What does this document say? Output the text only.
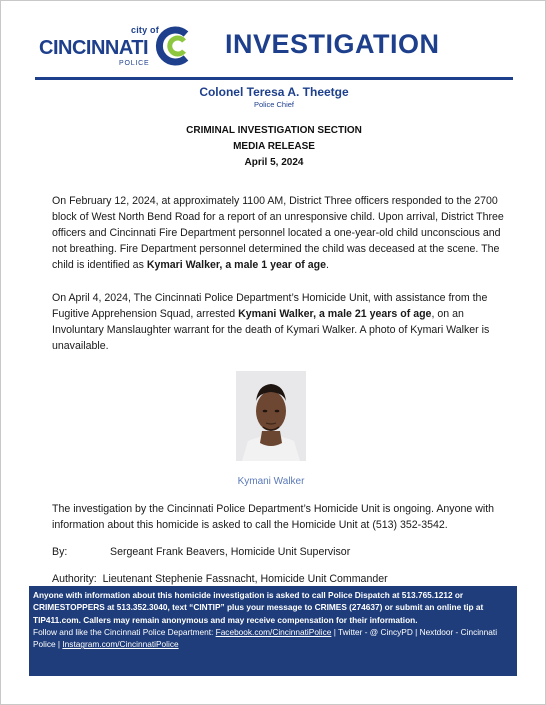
city of
CINCINNATI
POLICE
INVESTIGATION
Colonel Teresa A. Theetge
Police Chief
CRIMINAL INVESTIGATION SECTION
MEDIA RELEASE
April 5, 2024

On February 12, 2024, at approximately 1100 AM, District Three officers responded to the 2700 block of West North Bend Road for a report of an unresponsive child. Upon arrival, District Three officers and Cincinnati Fire Department personnel located a one-year-old child unconscious and not breathing. Fire Department personnel determined the child was deceased at the scene. The child is identified as Kymari Walker, a male 1 year of age.

On April 4, 2024, The Cincinnati Police Department’s Homicide Unit, with assistance from the Fugitive Apprehension Squad, arrested Kymani Walker, a male 21 years of age, on an Involuntary Manslaughter warrant for the death of Kymari Walker. A photo of Kymari Walker is unavailable.

Kymani Walker

The investigation by the Cincinnati Police Department’s Homicide Unit is ongoing. Anyone with information about this homicide is asked to call the Homicide Unit at (513) 352-3542.

By:	Sergeant Frank Beavers, Homicide Unit Supervisor
Authority: Lieutenant Stephenie Fassnacht, Homicide Unit Commander
Anyone with information about this homicide investigation is asked to call Police Dispatch at 513.765.1212 or CRIMESTOPPERS at 513.352.3040, text “CINTIP” plus your message to CRIMES (274637) or submit an online tip at TIP411.com. Callers may remain anonymous and may receive compensation for their information.
Follow and like the Cincinnati Police Department: Facebook.com/CincinnatiPolice | Twitter - @ CincyPD | Nextdoor - Cincinnati Police | Instagram.com/CincinnatiPolice
